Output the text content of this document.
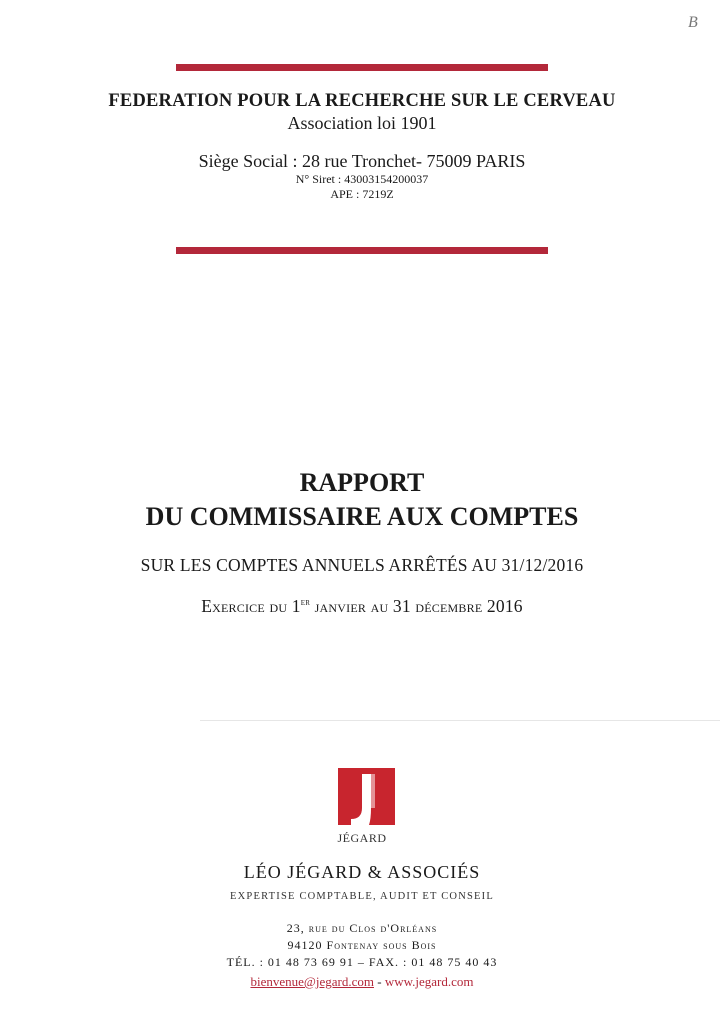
B
FEDERATION POUR LA RECHERCHE SUR LE CERVEAU
Association loi 1901
Siège Social : 28 rue Tronchet- 75009 PARIS
N° Siret : 43003154200037
APE : 7219Z
RAPPORT
DU COMMISSAIRE AUX COMPTES
SUR LES COMPTES ANNUELS ARRÊTÉS AU 31/12/2016
Exercice du 1er janvier au 31 décembre 2016
JÉGARD
LÉO JÉGARD & ASSOCIÉS
EXPERTISE COMPTABLE, AUDIT ET CONSEIL
23, rue du Clos d'Orléans
94120 Fontenay sous Bois
TÉL. : 01 48 73 69 91 – FAX. : 01 48 75 40 43
bienvenue@jegard.com - www.jegard.com
